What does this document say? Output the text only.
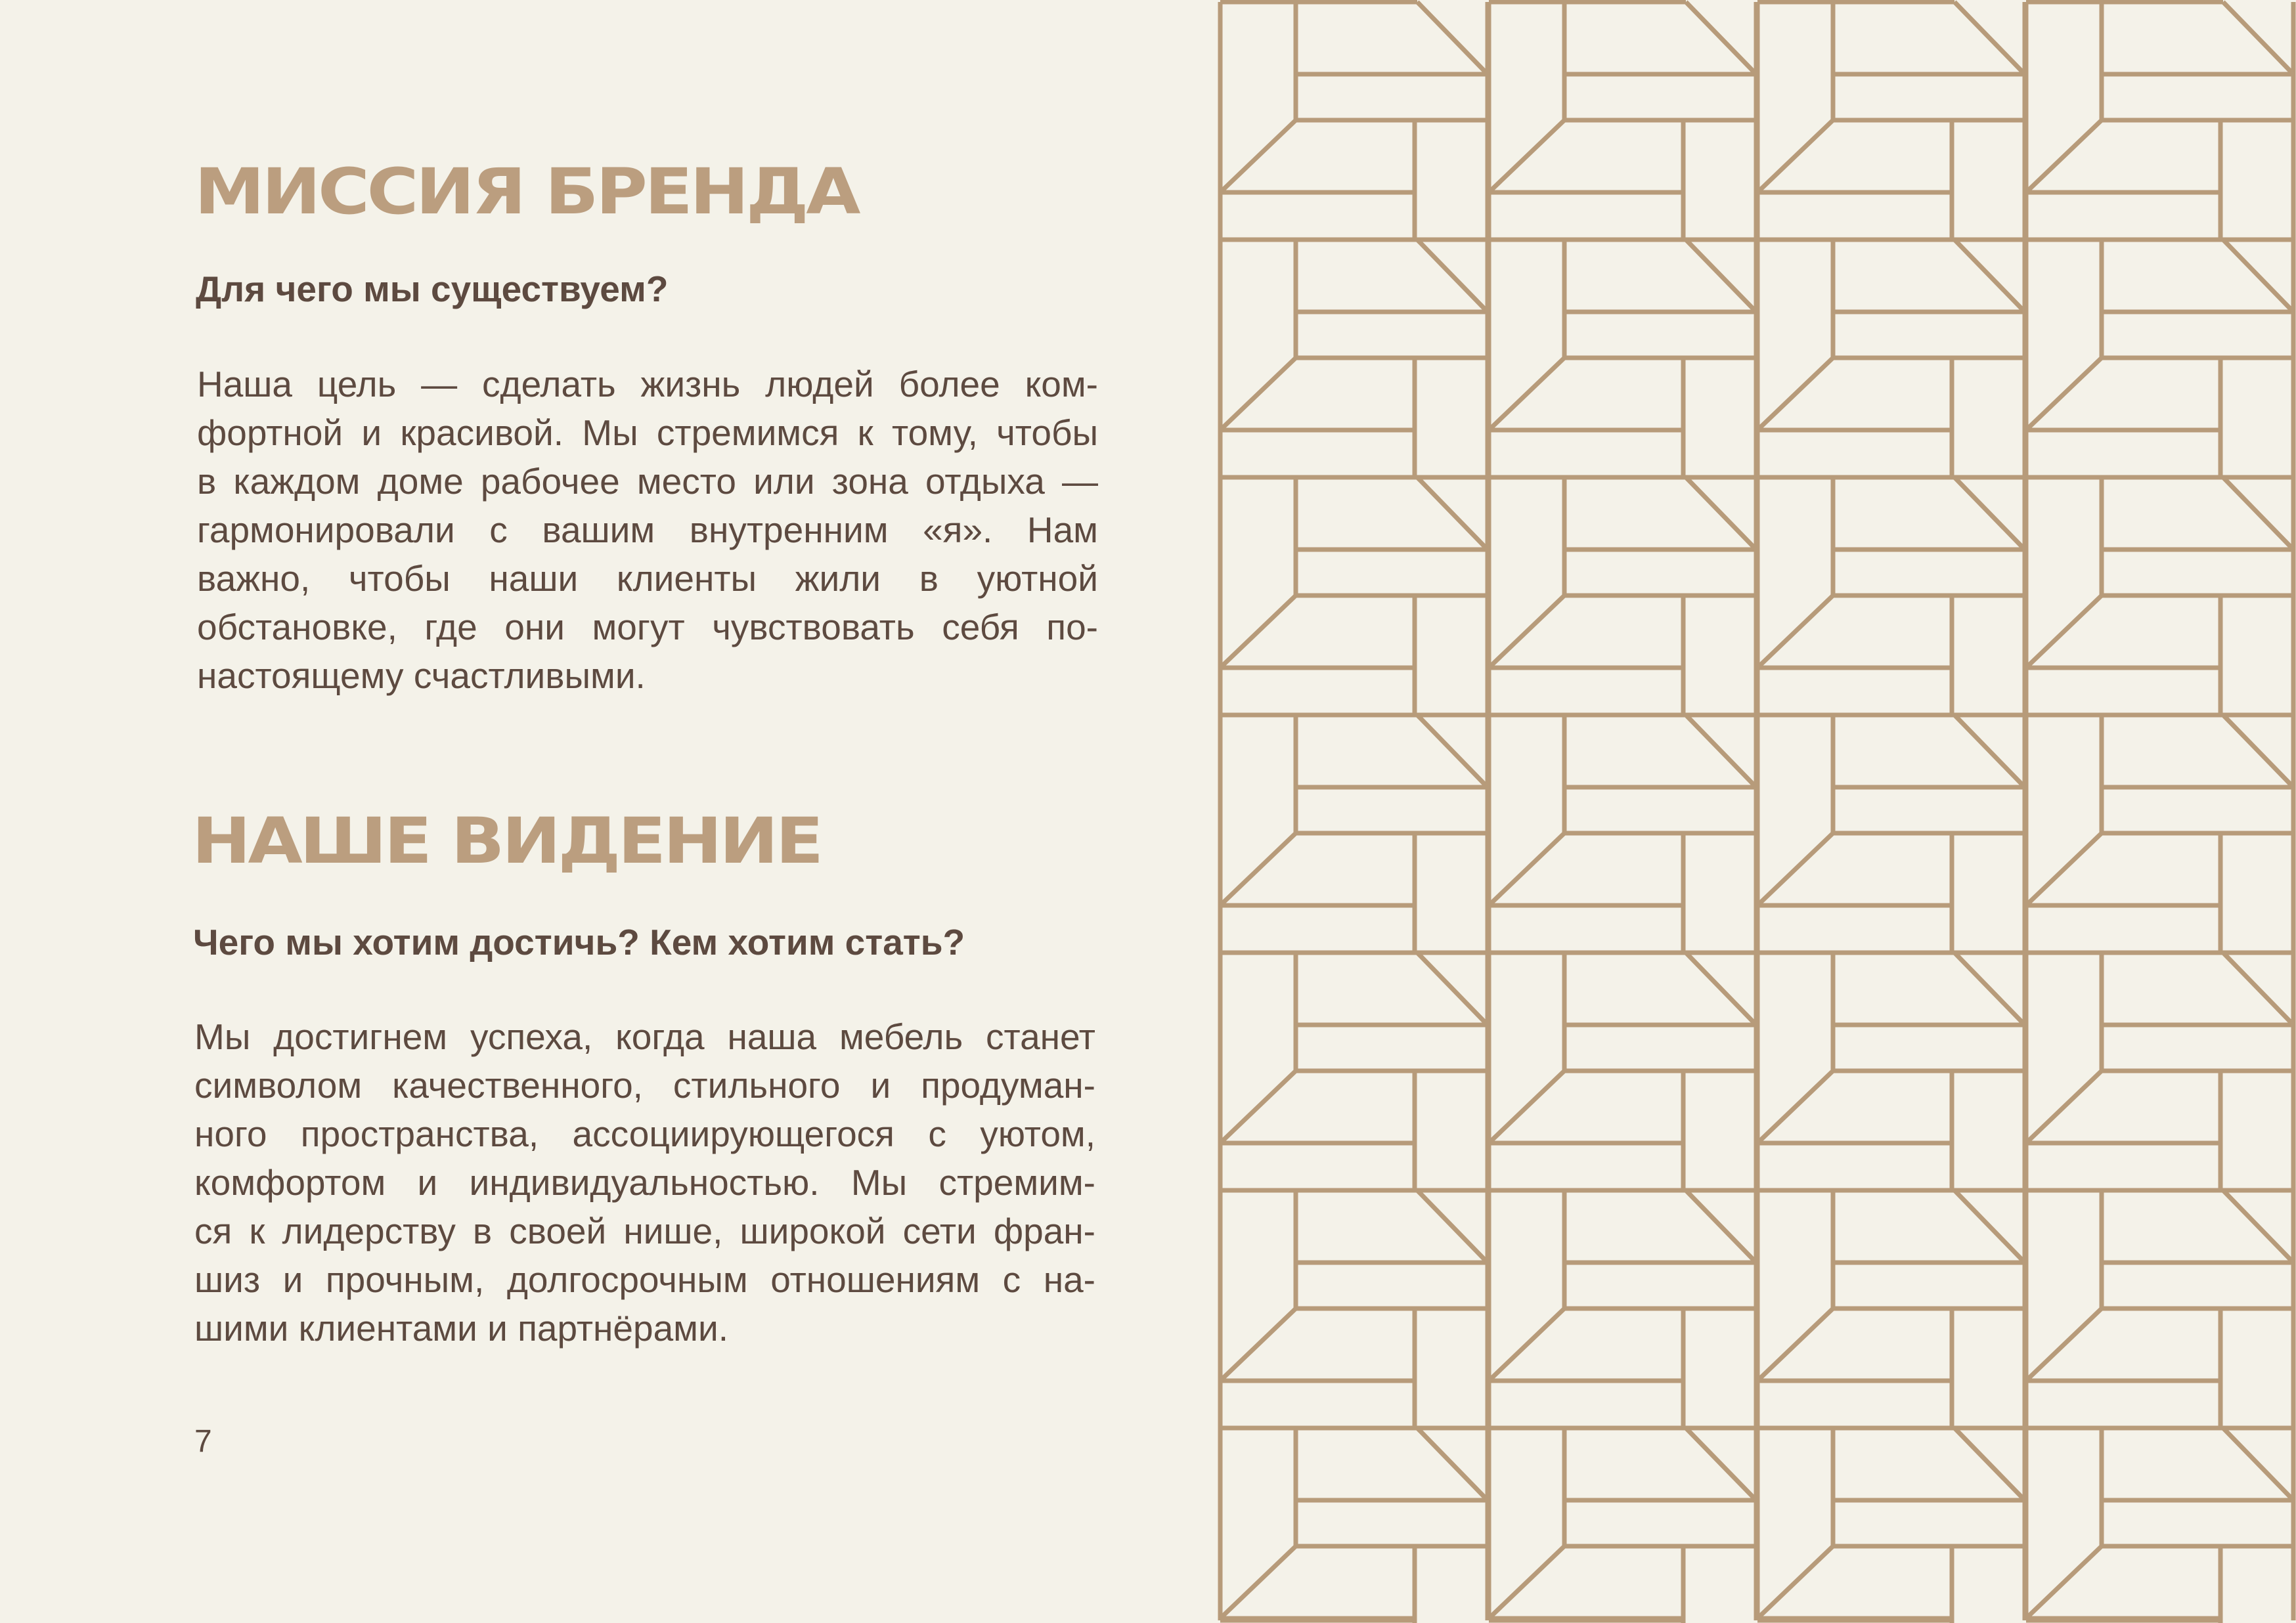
МИССИЯ БРЕНДА
Для чего мы существуем?
Наша цель — сделать жизнь людей более ком-
фортной и красивой. Мы стремимся к тому, чтобы
в каждом доме рабочее место или зона отдыха —
гармонировали с вашим внутренним «я». Нам
важно, чтобы наши клиенты жили в уютной
обстановке, где они могут чувствовать себя по-
настоящему счастливыми.
НАШЕ ВИДЕНИЕ
Чего мы хотим достичь? Кем хотим стать?
Мы достигнем успеха, когда наша мебель станет
символом качественного, стильного и продуман-
ного пространства, ассоциирующегося с уютом,
комфортом и индивидуальностью. Мы стремим-
ся к лидерству в своей нише, широкой сети фран-
шиз и прочным, долгосрочным отношениям с на-
шими клиентами и партнёрами.
7
